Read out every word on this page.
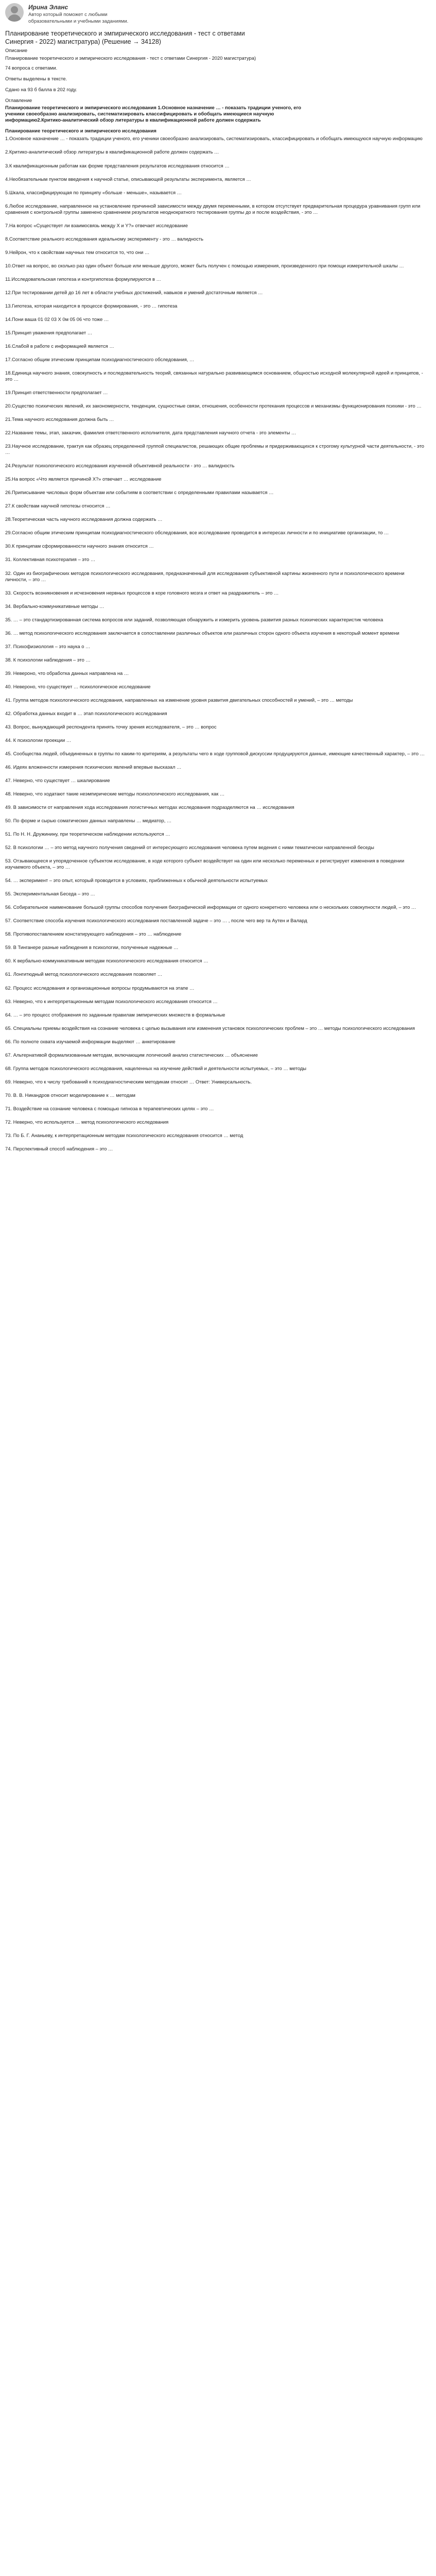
Ирина Эланс
Автор который поможет с любыми образовательными и учебными заданиями.
Планирование теоретического и эмпирического исследования - тест с ответами Синергия - 2022) магистратура) (Решение → 34128)

Описание

Планирование теоретического и эмпирического исследования - тест с ответами Синергия - 2020 магистратура)

74 вопроса с ответами.

Ответы выделены в тексте.

Сдано на 93 б балла в 202 году.

Оглавление

Планирование теоретического и эмпирического исследования 1.Основное назначение … - показать традиции ученого, его ученики своеобразно анализировать, систематизировать классифицировать и обобщать имеющиеся научную информацию2.Критико-аналитический обзор литературы в квалификационной работе должен содержать

Планирование теоретического и эмпирического исследования

1.Основное назначение … - показать традиции ученого, его ученики своеобразно анализировать, систематизировать, классифицировать и обобщать имеющуюся научную информацию

2.Критико-аналитический обзор литературы в квалификационной работе должен содержать …

3.К квалификационным работам как форме представления результатов исследования относится …

4.Необязательным пунктом введения к научной статье, описывающей результаты эксперимента, является …

5.Шкала, классифицирующая по принципу «больше - меньше», называется …

6.Любое исследование, направленное на установление причинной зависимости между двумя переменными, в котором отсутствует предварительная процедура уравнивания групп или сравнения с контрольной группы заменено сравнением результатов неоднократного тестирования группы до и после воздействия, - это …

7.На вопрос «Существует ли взаимосвязь между X и Y?» отвечает исследование

8.Соответствие реального исследования идеальному эксперименту - это … валидность

9.Нейрон, что к свойствам научных тем относится то, что они …

10.Ответ на вопрос, во сколько раз один объект больше или меньше другого, может быть получен с помощью измерения, произведенного при помощи измерительной шкалы …

11.Исследовательская гипотеза и контргипотеза формулируются в …

12.При тестировании детей до 16 лет в области учебных достижений, навыков и умений достаточным является …

13.Гипотеза, которая находится в процессе формирования, - это … гипотеза

14.Пони ваша 01 02 03 X 0м 05 06 что тоже …

15.Принцип уважения предполагает …

16.Слабой в работе с информацией является …

17.Согласно общим этическим принципам психодиагностического обследования, …

18.Единица научного знания, совокупность и последовательность теорий, связанных натурально развивающимся основанием, общностью исходной молекулярной идеей и принципов, - это …

19.Принцип ответственности предполагает …

20.Существо психических явлений, их закономерности, тенденции, сущностные связи, отношения, особенности протекания процессов и механизмы функционирования психики - это …

21.Тема научного исследования должна быть …

22.Название темы, этап, заказчик, фамилия ответственного исполнителя, дата представления научного отчета - это элементы …

23.Научное исследование, трактуя как образец определенной группой специалистов, решающих общие проблемы и придерживающихся к строгому культурной части деятельности, - это …

24.Результат психологического исследования изученной объективной реальности - это … валидность

25.На вопрос «Что является причиной X?» отвечает … исследование

26.Приписывание числовых форм объектам или событиям в соответствии с определенными правилами называется …

27.К свойствам научной гипотезы относится …

28.Теоретическая часть научного исследования должна содержать …

29.Согласно общим этическим принципам психодиагностического обследования, все исследование проводится в интересах личности и по инициативе организации, то …

30.К принципам сформированности научного знания относится …

31. Коллективная психотерапия – это …

32. Один из биографических методов психологического исследования, предназначенный для исследования субъективной картины жизненного пути и психологического времени личности, – это …

33. Скорость возникновения и исчезновения нервных процессов в коре головного мозга и ответ на раздражитель – это …

34. Вербально-коммуникативные методы …

35. … – это стандартизированная система вопросов или заданий, позволяющая обнаружить и измерить уровень развития разных психических характеристик человека

36. … метод психологического исследования заключается в сопоставлении различных объектов или различных сторон одного объекта изучения в некоторый момент времени

37. Психофизиология – это наука о …

38. К психологии наблюдения – это …

39. Невероно, что обработка данных направлена на …

40. Невероно, что существует … психологическое исследование

41. Группа методов психологического исследования, направленных на изменение уровня развития двигательных способностей и умений, – это … методы

42. Обработка данных входит в … этап психологического исследования

43. Вопрос, вынуждающий респондента принять точку зрения исследователя, – это … вопрос

44. К психологии проекции …

45. Сообщества людей, объединенных в группы по каким-то критериям, а результаты чего в ходе групповой дискуссии продуцируются данные, имеющие качественный характер, – это …

46. Идеях вложенности измерения психических явлений впервые высказал …

47. Неверно, что существует … шкалирование

48. Неверно, что ходатают такие неэмпирические методы психологического исследования, как …

49. В зависимости от направления хода исследования логистичных методах исследования подразделяются на … исследования

50. По форме и сырью соматических данных направлены … медиатор, …

51. По Н. Н. Дружинину, при теоретическом наблюдении используются …

52. В психологии … – это метод научного получения сведений от интересующего исследования человека путем ведения с ними тематически направленной беседы

53. Отзывающееся и упорядоченное субъектом исследование, в ходе которого субъект воздействует на один или несколько переменных и регистрирует изменения в поведении изучаемого объекта, – это …

54. … эксперимент – это опыт, который проводится в условиях, приближенных к обычной деятельности испытуемых

55. Экспериментальная Беседа – это …

56. Собирательное наименование большой группы способов получения биографической информации от одного конкретного человека или о нескольких совокупности людей, – это …

57. Соответствие способа изучения психологического исследования поставленной задаче – это … , после чего вер та Аутен и Валард

58. Противопоставлением констатирующего наблюдения – это … наблюдение

59. В Тинганере разные наблюдения в психологии, полученные надежные …

60. К вербально-коммуникативным методам психологического исследования относится …

61. Лонгитюдный метод психологического исследования позволяет …

62. Процесс исследования и организационные вопросы продумываются на этапе …

63. Неверно, что к интерпретационным методам психологического исследования относится …

64. … – это процесс отображения по заданным правилам эмпирических множеств в формальные

65. Специальны приемы воздействия на сознание человека с целью вызывания или изменения установок психологических проблем – это … методы психологического исследования

66. По полноте охвата изучаемой информации выделяют … анкетирование

67. Альтернативой формализованным методам, включающим логический анализ статистических … объяснение

68. Группа методов психологического исследования, нацеленных на изучение действий и деятельности испытуемых, – это … методы

69. Неверно, что к числу требований к психодиагностическим методикам относят … Ответ: Универсальность.

70. В. В. Никандров относит моделирование к … методам

71. Воздействие на сознание человека с помощью гипноза в терапевтических целях – это …

72. Неверно, что используется … метод психологического исследования

73. По Б. Г. Ананьеву, к интерпретационным методам психологического исследования относится … метод

74. Перспективный способ наблюдения – это …
